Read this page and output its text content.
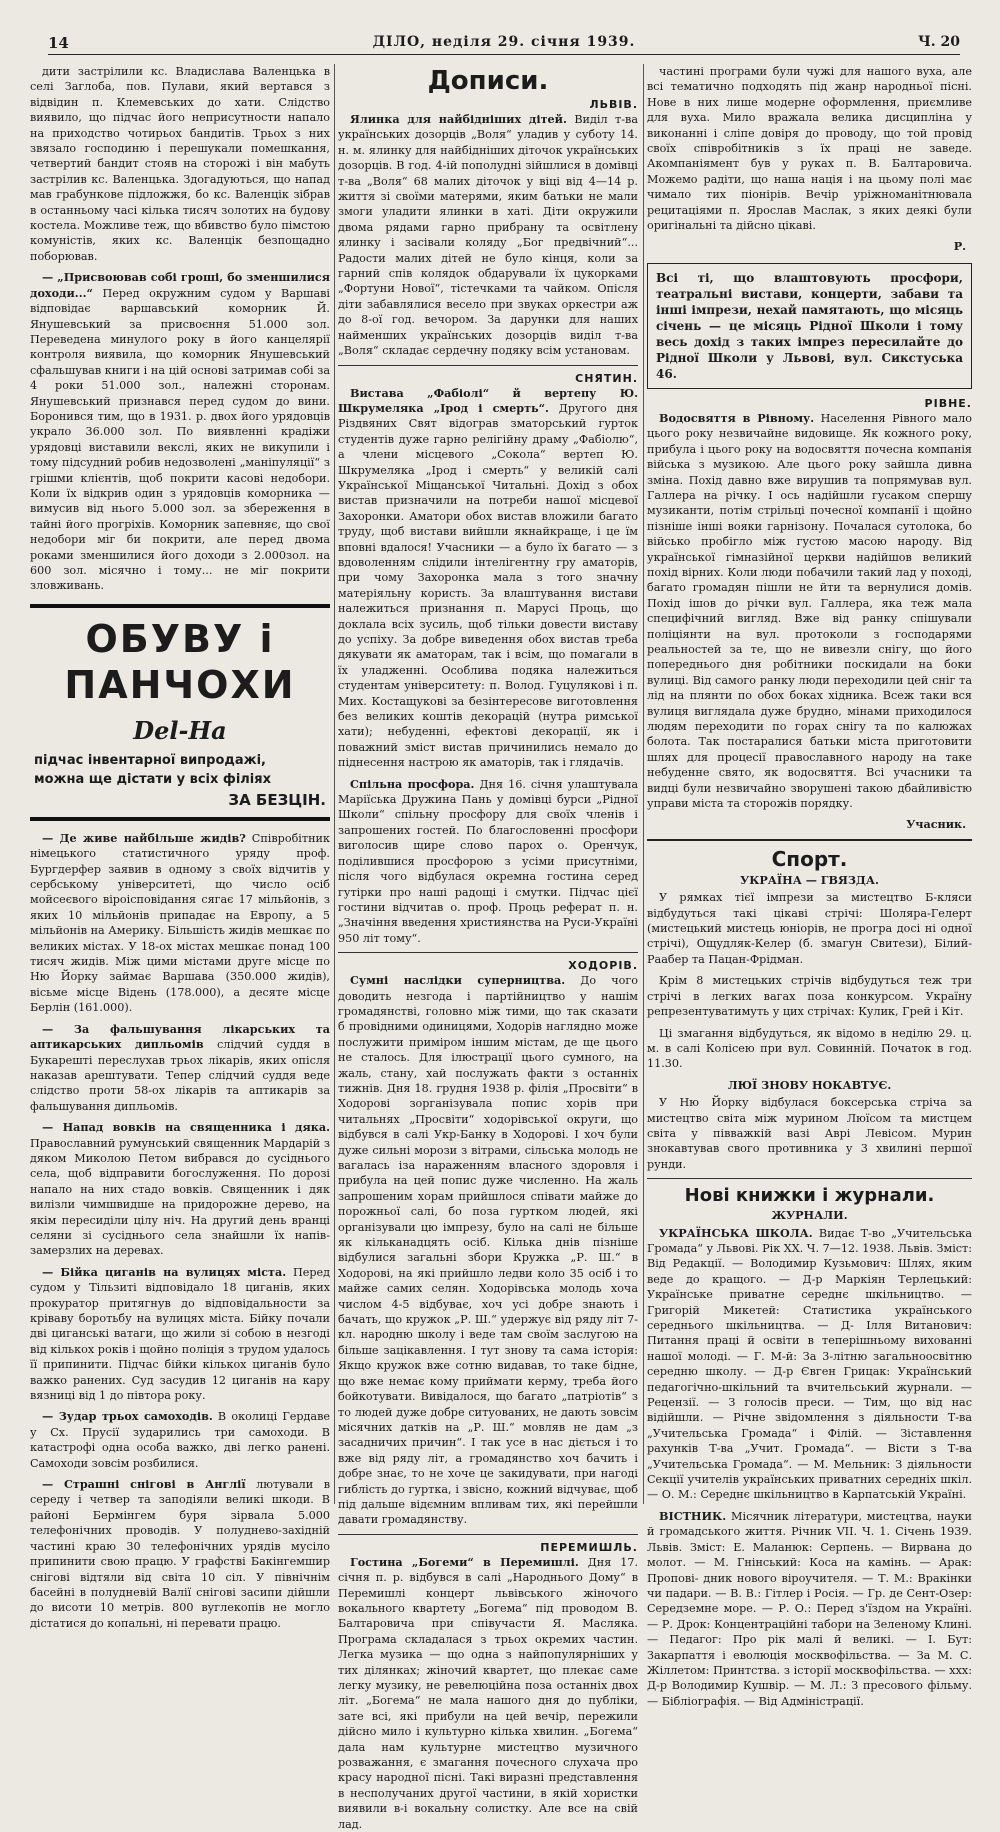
14	ДІЛО, неділя 29. січня 1939.	Ч. 20

дити застрілили кс. Владислава Валенцька в селі Заглоба, пов. Пулави, який вертався з відвідин п. Клемевських до хати. Слідство виявило, що підчас його неприсутности напало на приходство чотирьох бандитів. Трьох з них звязало господиню і перешукали помешкання, четвертий бандит стояв на сторожі і він мабуть застрілив кс. Валенцька. Здогадуються, що напад мав грабункове підложжя, бо кс. Валенцік зібрав в останньому часі кілька тисяч золотих на будову костела. Можливе теж, що вбивство було пімстою комуністів, яких кс. Валенцік безпощадно поборював.

— „Присвоював собі гроші, бо зменшилися доходи...“ Перед окружним судом у Варшаві відповідає варшавський коморник Й. Янушевський за присвоєння 51.000 зол. Переведена минулого року в його канцелярії контроля виявила, що коморник Янушевський сфальшував книги і на цій основі затримав собі за 4 роки 51.000 зол., належні сторонам. Янушевський признався перед судом до вини. Боронився тим, що в 1931. р. двох його урядовців украло 36.000 зол. По виявленні крадіжи урядовці виставили векслі, яких не викупили і тому підсудний робив недозволені „маніпуляції“ з грішми клієнтів, щоб покрити касові недобори. Коли їх відкрив один з урядовців коморника — вимусив від нього 5.000 зол. за збереження в тайні його прогріхів. Коморник запевняє, що свої недобори міг би покрити, але перед двома роками зменшилися його доходи з 2.000зол. на 600 зол. місячно і тому... не міг покрити зловживань.

ОБУВУ і ПАНЧОХИ
Del-Ha
підчас інвентарної випродажі,
можна ще дістати у всіх філіях
ЗА БЕЗЦІН.

— Де живе найбільше жидів? Співробітник німецького статистичного уряду проф. Бургдерфер заявив в одному з своїх відчитів у сербському університеті, що число осіб мойсеєвого віроісповідання сягає 17 мільйонів, з яких 10 мільйонів припадає на Европу, а 5 мільйонів на Америку. Більшість жидів мешкає по великих містах. У 18-ох містах мешкає понад 100 тисяч жидів. Між цими містами друге місце по Ню Йорку займає Варшава (350.000 жидів), вісьме місце Відень (178.000), а десяте місце Берлін (161.000).

— За фальшування лікарських та аптикарських дипльомів слідчий суддя в Букарешті переслухав трьох лікарів, яких опісля наказав арештувати. Тепер слідчий суддя веде слідство проти 58-ох лікарів та аптикарів за фальшування дипльомів.

— Напад вовків на священника і дяка. Православний румунський священник Мардарій з дяком Миколою Петом вибрався до сусіднього села, щоб відправити богослуження. По дорозі напало на них стадо вовків. Священник і дяк вилізли чимшвидше на придорожне дерево, на якім пересиділи цілу ніч. На другий день вранці селяни зі сусіднього села знайшли їх напів-замерзлих на деревах.

— Бійка циганів на вулицях міста. Перед судом у Тільзиті відповідало 18 циганів, яких прокуратор притягнув до відповідальности за кріваву боротьбу на вулицях міста. Бійку почали дві циганські ватаги, що жили зі собою в незгоді від кількох років і щойно поліція з трудом удалось її припинити. Підчас бійки кількох циганів було важко ранених. Суд засудив 12 циганів на кару вязниці від 1 до півтора року.

— Зудар трьох самоходів. В околиці Гердаве у Сх. Прусії зударились три самоходи. В катастрофі одна особа важко, дві легко ранені. Самоходи зовсім розбилися.

— Страшні снігові в Англії лютували в середу і четвер та заподіяли великі шкоди. В районі Бермінгем буря зірвала 5.000 телефонічних проводів. У полудневo-західній частині краю 30 телефонічних урядів мусіло припинити свою працю. У графстві Бакінгемшир снігові відтяли від світа 10 сіл. У північнім басейні в полудневій Валії снігові засипи дійшли до висоти 10 метрів. 800 вуглекопів не могло дістатися до копальні, ні перевати працю.

Дописи.
ЛЬВІВ.

Ялинка для найбідніших дітей. Виділ т-ва українських дозорців „Воля“ уладив у суботу 14. н. м. ялинку для найбідніших діточок українських дозорців. В год. 4-ій пополудні зійшлися в домівці т-ва „Воля“ 68 малих діточок у віці від 4—14 р. життя зі своїми матерями, яким батьки не мали змоги уладити ялинки в хаті. Діти окружили двома рядами гарно прибрану та освітлену ялинку і засівали коляду „Бог предвічний“... Радости малих дітей не було кінця, коли за гарний спів колядок обдарували їх цукорками „Фортуни Нової“, тістечками та чайком. Опісля діти забавлялися весело при звуках оркестри аж до 8-ої год. вечором. За дарунки для наших найменших українських дозорців виділ т-ва „Воля“ складає сердечну подяку всім установам.

СНЯТИН.

Вистава „Фабіолі“ й вертепу Ю. Шкрумеляка „Ірод і смерть“. Другого дня Різдвяних Свят відограв зматорський гурток студентів дуже гарно релігійну драму „Фабіолю“, а члени місцевого „Сокола“ вертеп Ю. Шкрумеляка „Ірод і смерть“ у великій салі Української Міщанської Читальні. Дохід з обох вистав призначили на потреби нашої місцевої Захоронки. Аматори обох вистав вложили багато труду, щоб вистави вийшли якнайкраще, і це їм вповні вдалося! Учасники — а було їх багато — з вдоволенням слідили інтелігентну гру аматорів, при чому Захоронка мала з того значну матеріяльну користь. За влаштування вистави належиться признання п. Марусі Проць, що доклала всіх зусиль, щоб тільки довести виставу до успіху. За добре виведення обох вистав треба дякувати як аматорам, так і всім, що помагали в їх уладженні. Особлива подяка належиться студентам університету: п. Волод. Гуцулякові і п. Мих. Костащукові за безінтересове виготовлення без великих коштів декорацій (нутра римської хати); небуденні, ефектові декорації, як і поважний зміст вистав причинились немало до піднесення настрою як аматорів, так і глядачів.

Спільна просфора. Дня 16. січня улаштувала Маріїська Дружина Пань у домівці бурси „Рідної Школи“ спільну просфору для своїх членів і запрошених гостей. По благословенні просфори виголосив щире слово парох о. Оренчук, поділившися просфорою з усіми присутніми, після чого відбулася окремна гостина серед гутірки про наші радощі і смутки. Підчас цієї гостини відчитав о. проф. Проць реферат п. н. „Значіння введення християнства на Руси-Україні 950 літ тому“.

ХОДОРІВ.

Сумні наслідки суперництва. До чого доводить незгода і партійництво у нашім громадянстві, головно між тими, що так сказати б провідними одиницями, Ходорів наглядно може послужити примірoм іншим містам, де ще цього не сталось. Для ілюстрації цього сумного, на жаль, стану, хай послужать факти з останніх тижнів. Дня 18. грудня 1938 р. філія „Просвіти“ в Ходорові зорганізувала попис хорів при читальнях „Просвіти“ ходорівської округи, що відбувся в салі Укр-Банку в Ходорові. І хоч були дуже сильні морози з вітрами, сільська молодь не вагалась іза нараженням власного здоровля і прибула на цей попис дуже численно. На жаль запрошеним хорам прийшлося співати майже до порожньої салі, бо поза гуртком людей, які організували цю імпрезу, було на салі не більше як кільканадцять осіб. Кілька днів пізніше відбулися загальні збори Кружка „Р. Ш.“ в Ходорові, на які прийшло ледви коло 35 осіб і то майже самих селян. Ходорівська молодь хоча числом 4-5 відбуває, хоч усі добре знають і бачать, що кружок „Р. Ш.“ удержує від ряду літ 7-кл. народню школу і веде там своїм заслугою на більше зацікавлення. І тут знову та сама історія: Якщо кружок вже сотню видавав, то таке бідне, що вже немає кому приймати керму, треба його бойкотувати. Вивідалося, що багато „патріотів“ з то людей дуже добре ситуованих, не дають зовсім місячних датків на „Р. Ш.“ мовляв не дам „з засадничих причин“. І так усе в нас діється і то вже від ряду літ, а громадянство хоч бачить і добре знає, то не хоче це закидувати, при нагоді гиблість до гуртка, і звісно, кожний відчуває, щоб під дальше відємним впливам тих, які перейшли давати громадянству.

ПЕРЕМИШЛЬ.

Гостина „Богеми“ в Перемишлі. Дня 17. січня п. р. відбувся в салі „Народнього Дому“ в Перемишлі концерт львівського жіночого вокального квартету „Богема“ під проводом В. Балтаровича при співучасти Я. Масляка. Програма складалася з трьох окремих частин. Легка музика — що одна з найпопулярніших у тих ділянках; жіночий квартет, що плекає саме легку музику, не ревелюційна поза останніх двох літ. „Богема“ не мала нашого дня до публіки, зате всі, які прибули на цей вечір, пережили дійсно мило і культурно кілька хвилин. „Богема“ дала нам культурне мистецтво музичного розважання, є змагання почесного слухача про красу народної пісні. Такі виразні представлення в несполучаних другої частини, в якій хористки виявили в-і вокальну солистку. Але все на свій лад.

частині програми були чужі для нашого вуха, але всі тематично подходять під жанр народньої пісні. Нове в них лише модерне оформлення, приємливе для вуха. Мило вражала велика дисципліна у виконанні і сліпе довіря до проводу, що той провід своїх співробітників з їх праці не заведе. Акомпаніямент був у руках п. В. Балтаровича. Можемо радіти, що наша нація і на цьому полі має чимало тих піонірів. Вечір уріжноманітнювала рецитаціями п. Ярослав Маслак, з яких деякі були оригінальні та дійсно цікаві.

Р.
Всі ті, що влаштовують просфори, театральні вистави, концерти, забави та інші імпрези, нехай памятають, що місяць січень — це місяць Рідної Школи і тому весь дохід з таких імпрез пересилайте до Рідної Школи у Львові, вул. Сикстуська 46.
РІВНЕ.

Водосвяття в Рівному. Населення Рівного мало цього року незвичайне видовище. Як кожного року, прибула і цього року на водосвяття почесна компанія війська з музикою. Але цього року зайшла дивна зміна. Похід давно вже вирушив та попрямував вул. Галлера на річку. І ось надійшли гусаком спершу музиканти, потім стрільці почесної компанії і щойно пізніше інші вояки гарнізону. Почалася сутолока, бо військо пробігло між густою масою народу. Від української гімназійної церкви надійшов великий похід вірних. Коли люди побачили такий лад у поході, багато громадян пішли не йти та вернулися домів. Похід ішов до річки вул. Галлера, яка теж мала специфічний вигляд. Вже від ранку спішували поліціянти на вул. протоколи з господарями реальностей за те, що не вивезли снігу, що його попереднього дня робітники поскидали на боки вулиці. Від самого ранку люди переходили цей сніг та лід на плянти по обох боках хідника. Всеж таки вся вулиця виглядала дуже брудно, мінами приходилося людям переходити по горах снігу та по калюжах болота. Так постаралися батьки міста приготовити шлях для процесії православного народу на таке небуденне свято, як водосвяття. Всі учасники та видці були незвичайно зворушені такою дбайливістю управи міста та сторожів порядку.

Учасник.
Спорт.
УКРАЇНА — ГВЯЗДА.

У рямках тієї імпрези за мистецтво Б-кляси відбудуться такі цікаві стрічі: Шоляра-Гелерт (мистецький мистець юніорів, не програ досі ні одної стрічі), Ощудляк-Келер (б. змагун Свитези), Білий-Раабер та Пацан-Фрідман.

Крім 8 мистецьких стрічів відбудуться теж три стрічі в легких вагах поза конкурсом. Україну репрезентуватимуть у цих стрічах: Кулик, Грей і Кіт.

Ці змагання відбудуться, як відомо в неділю 29. ц. м. в салі Колісею при вул. Совинній. Початок в год. 11.30.

ЛЮЇ ЗНОВУ НОКАВТУЄ.

У Ню Йорку відбулася боксерська стріча за мистецтво світа між мурином Люїсом та мистцем світа у півважкій вазі Аврі Левісом. Мурин знокавтував свого противника у 3 хвилині першої рунди.

Нові книжки і журнали.
ЖУРНАЛИ.

УКРАЇНСЬКА ШКОЛА. Видає Т-во „Учительська Громада“ у Львові. Рік XX. Ч. 7—12. 1938. Львів. Зміст: Від Редакції. — Володимир Кузьмович: Шлях, яким ведe до кращого. — Д-р Маркіян Терлецький: Українське приватне середнє шкільництво. — Григорій Микетей: Статистика українського середнього шкільництва. — Д- Ілля Витанович: Питання праці й освіти в теперішньому вихованні нашої молоді. — Г. М-й: За 3-літню загальноосвітню середню школу. — Д-р Євген Грицак: Український педагогічно-шкільний та вчительський журнали. — Рецензії. — З голосів преси. — Тим, що від нас відійшли. — Річне звідомлення з діяльности Т-ва „Учительська Громада“ і Філій. — Зіставлення рахунків Т-ва „Учит. Громада“. — Вісти з Т-ва „Учительська Громада“. — М. Мельник: З діяльности Секції учителів українських приватних середніх шкіл. — О. М.: Середнє шкільництво в Карпатській Україні.

ВІСТНИК. Місячник літератури, мистецтва, науки й громадського життя. Річник VII. Ч. 1. Січень 1939. Львів. Зміст: Е. Маланюк: Серпень. — Вирвана до молот. — М. Гнінський: Коса на камінь. — Арак: Пропові- дник нового віроучителя. — Т. М.: Вракінки чи падари. — В. В.: Гітлер і Росія. — Гр. де Сент-Озер: Середземне море. — Р. О.: Перед з'їздом на Україні. — Р. Дрок: Концентраційні табори на Зеленому Клині. — Педагог: Про рік малі й великі. — І. Бут: Закарпаття і еволюція москвофільства. — За М. С. Жіллетом: Принтства. з історії москвофільства. — xxx: Д-р Володимир Кушвір. — М. Л.: З пресового фільму. — Бібліографія. — Від Адміністрації.
